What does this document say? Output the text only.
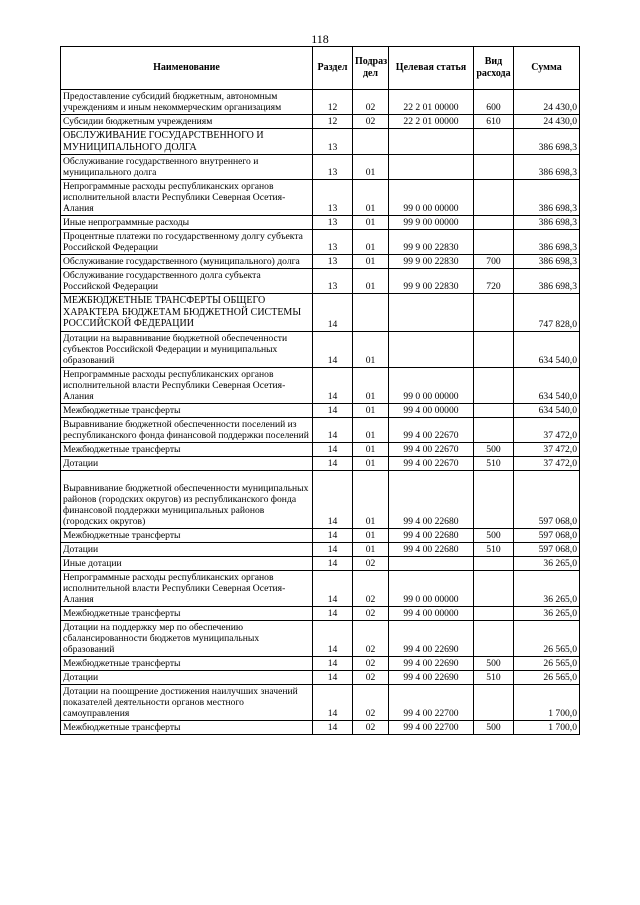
118
Наименование	Раздел	Подраз дел	Целевая статья	Вид расхода	Сумма
Предоставление субсидий бюджетным, автономным учреждениям и иным некоммерческим организациям	12	02	22 2 01 00000	600	24 430,0
Субсидии бюджетным учреждениям	12	02	22 2 01 00000	610	24 430,0
ОБСЛУЖИВАНИЕ ГОСУДАРСТВЕННОГО И МУНИЦИПАЛЬНОГО ДОЛГА	13				386 698,3
Обслуживание государственного внутреннего и муниципального долга	13	01			386 698,3
Непрограммные расходы республиканских органов исполнительной власти Республики Северная Осетия-Алания	13	01	99 0 00 00000		386 698,3
Иные непрограммные расходы	13	01	99 9 00 00000		386 698,3
Процентные платежи по государственному долгу субъекта Российской Федерации	13	01	99 9 00 22830		386 698,3
Обслуживание государственного (муниципального) долга	13	01	99 9 00 22830	700	386 698,3
Обслуживание государственного долга субъекта Российской Федерации	13	01	99 9 00 22830	720	386 698,3
МЕЖБЮДЖЕТНЫЕ ТРАНСФЕРТЫ ОБЩЕГО ХАРАКТЕРА БЮДЖЕТАМ БЮДЖЕТНОЙ СИСТЕМЫ РОССИЙСКОЙ ФЕДЕРАЦИИ	14				747 828,0
Дотации на выравнивание бюджетной обеспеченности субъектов Российской Федерации и муниципальных образований	14	01			634 540,0
Непрограммные расходы республиканских органов исполнительной власти Республики Северная Осетия-Алания	14	01	99 0 00 00000		634 540,0
Межбюджетные трансферты	14	01	99 4 00 00000		634 540,0
Выравнивание бюджетной обеспеченности поселений из республиканского фонда финансовой поддержки поселений	14	01	99 4 00 22670		37 472,0
Межбюджетные трансферты	14	01	99 4 00 22670	500	37 472,0
Дотации	14	01	99 4 00 22670	510	37 472,0

Выравнивание бюджетной обеспеченности муниципальных районов (городских округов) из республиканского фонда финансовой поддержки муниципальных районов (городских округов)	14	01	99 4 00 22680		597 068,0
Межбюджетные трансферты	14	01	99 4 00 22680	500	597 068,0
Дотации	14	01	99 4 00 22680	510	597 068,0
Иные дотации	14	02			36 265,0
Непрограммные расходы республиканских органов исполнительной власти Республики Северная Осетия-Алания	14	02	99 0 00 00000		36 265,0
Межбюджетные трансферты	14	02	99 4 00 00000		36 265,0
Дотации на поддержку мер по обеспечению сбалансированности бюджетов муниципальных образований	14	02	99 4 00 22690		26 565,0
Межбюджетные трансферты	14	02	99 4 00 22690	500	26 565,0
Дотации	14	02	99 4 00 22690	510	26 565,0
Дотации на поощрение достижения наилучших значений показателей деятельности органов местного самоуправления	14	02	99 4 00 22700		1 700,0
Межбюджетные трансферты	14	02	99 4 00 22700	500	1 700,0
